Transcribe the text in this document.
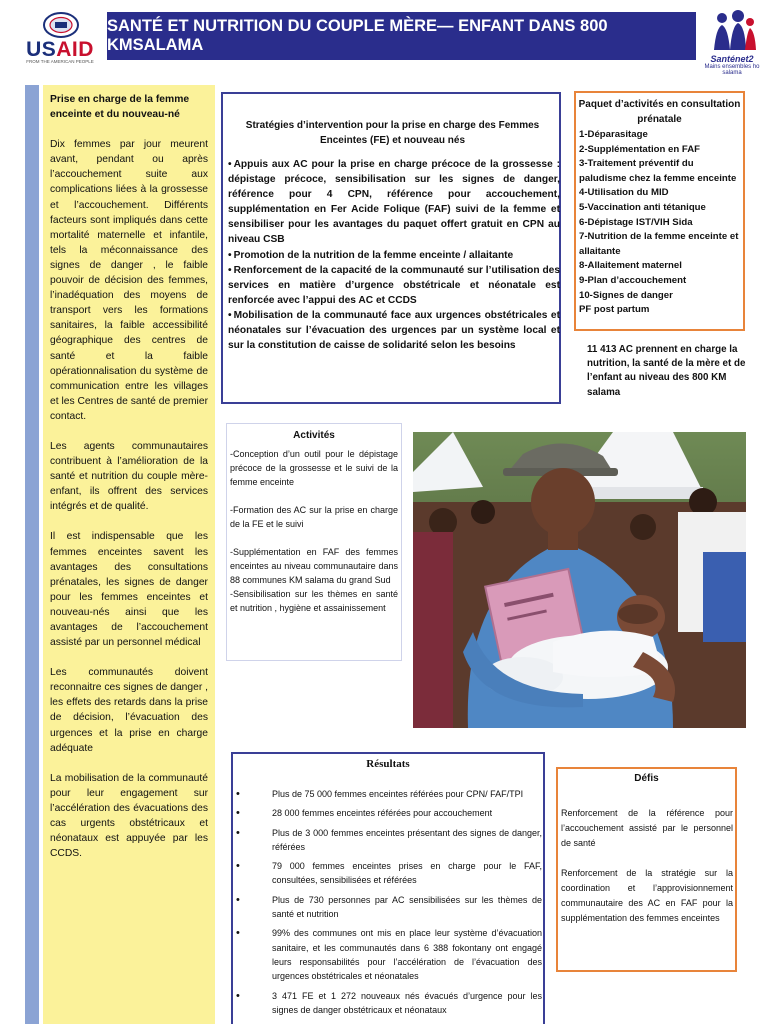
USAID
FROM THE AMERICAN PEOPLE
SANTÉ ET NUTRITION DU COUPLE MÈRE— ENFANT DANS 800 KMSALAMA
Santénet2
Mains ensembles ho salama

Prise en charge de la femme enceinte et du nouveau-né

Dix femmes par jour meurent avant, pendant ou après l’accouchement suite aux complications liées à la grossesse et l’accouchement. Différents facteurs sont impliqués dans cette mortalité maternelle et infantile, tels la méconnaissance des signes de danger , le faible pouvoir de décision des femmes, l’inadéquation des moyens de transport vers les formations sanitaires, la faible accessibilité géographique des centres de santé et la faible opérationnalisation du système de communication entre les villages et les Centres de santé de premier contact.

Les agents communautaires contribuent à l’amélioration de la santé et nutrition du couple mère-enfant, ils offrent des services intégrés et de qualité.

Il est indispensable que les femmes enceintes savent les avantages des consultations prénatales, les signes de danger pour les femmes enceintes et nouveau-nés ainsi que les avantages de l’accouchement assisté par un personnel médical

Les communautés doivent reconnaitre ces signes de danger , les effets des retards dans la prise de décision, l’évacuation des urgences et la prise en charge adéquate

La mobilisation de la communauté pour leur engagement sur l’accélération des évacuations des cas urgents obstétricaux et néonataux est appuyée par les CCDS.

Stratégies d’intervention pour la prise en charge des Femmes Enceintes (FE) et nouveau nés
• Appuis aux AC pour la prise en charge précoce de la grossesse : dépistage précoce, sensibilisation sur les signes de danger, référence pour 4 CPN, référence pour accouchement, supplémentation en Fer Acide Folique (FAF) suivi de la femme et sensibiliser pour les avantages du paquet offert gratuit en CPN au niveau CSB
• Promotion de la nutrition de la femme enceinte / allaitante
• Renforcement de la capacité de la communauté sur l’utilisation des services en matière d’urgence obstétricale et néonatale est renforcée avec l’appui des AC et CCDS
• Mobilisation de la communauté face aux urgences obstétricales et néonatales sur l’évacuation des urgences par un système local et sur la constitution de caisse de solidarité selon les besoins
Paquet d’activités en consultation prénatale
1-Déparasitage
2-Supplémentation en FAF
3-Traitement préventif du paludisme chez la femme enceinte
4-Utilisation du MID
5-Vaccination anti tétanique
6-Dépistage IST/VIH Sida
7-Nutrition de la femme enceinte et allaitante
8-Allaitement maternel
9-Plan d’accouchement
10-Signes de danger
PF post partum
11 413 AC prennent en charge la nutrition, la santé de la mère et de l’enfant au niveau des 800 KM salama
Activités

-Conception d’un outil pour le dépistage précoce de la grossesse et le suivi de la femme enceinte

-Formation des AC sur la prise en charge de la FE et le suivi

-Supplémentation en FAF des femmes enceintes au niveau communautaire dans 88 communes KM salama du grand Sud

-Sensibilisation sur les thèmes en santé et nutrition , hygiène et assainissement

Résultats
•	Plus de 75 000 femmes enceintes référées pour CPN/ FAF/TPI
•	28 000 femmes enceintes référées pour accouchement
•	Plus de 3 000 femmes enceintes présentant des signes de danger, référées
•	79 000 femmes enceintes prises en charge pour le FAF, consultées, sensibilisées et référées
•	Plus de 730 personnes par AC sensibilisées sur les thèmes de santé et nutrition
•	99% des communes ont mis en place leur système d’évacuation sanitaire, et les communautés dans 6 388 fokontany ont engagé leurs responsabilités pour l’accélération de l’évacuation des urgences obstétricales et néonatales
•	3 471 FE et 1 272 nouveaux nés évacués d’urgence pour les signes de danger obstétricaux et néonataux
Défis

Renforcement de la référence pour l’accouchement assisté par le personnel de santé

Renforcement de la stratégie sur la coordination et l’approvisionnement communautaire des AC en FAF pour la supplémentation des femmes enceintes
